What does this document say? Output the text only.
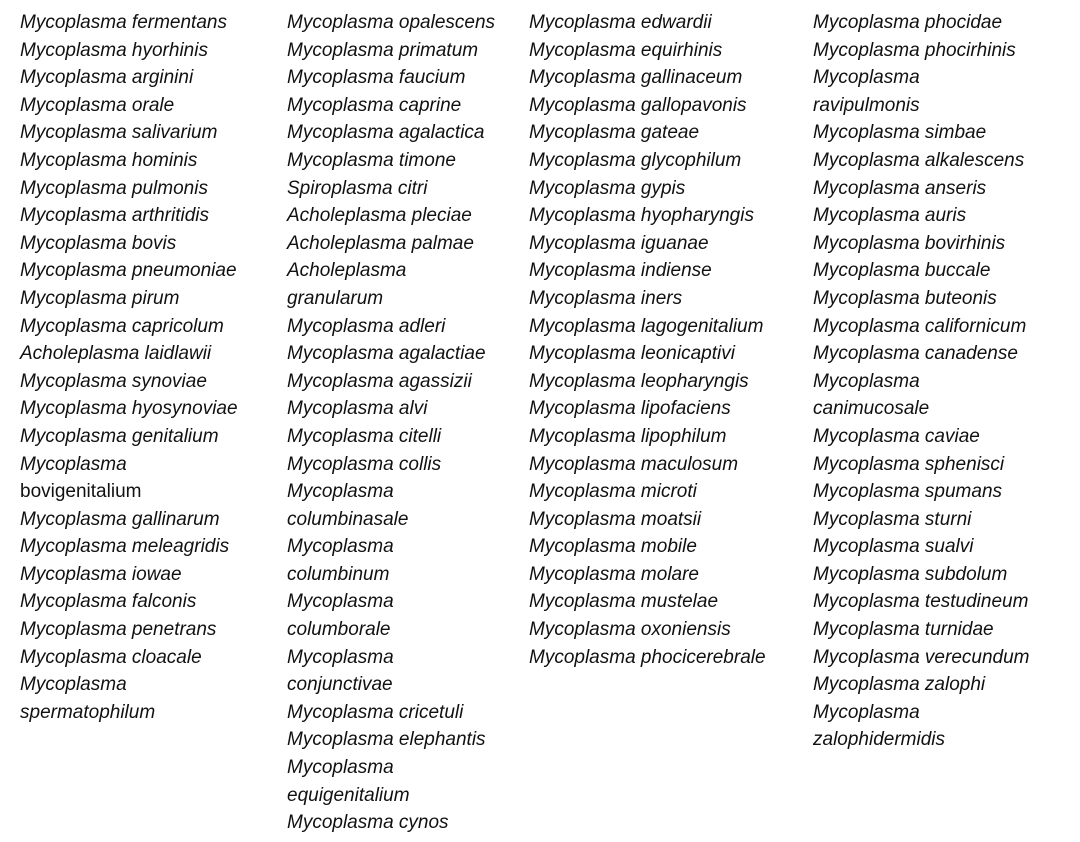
Mycoplasma fermentans
Mycoplasma hyorhinis
Mycoplasma arginini
Mycoplasma orale
Mycoplasma salivarium
Mycoplasma hominis
Mycoplasma pulmonis
Mycoplasma arthritidis
Mycoplasma bovis
Mycoplasma pneumoniae
Mycoplasma pirum
Mycoplasma capricolum
Acholeplasma laidlawii
Mycoplasma synoviae
Mycoplasma hyosynoviae
Mycoplasma genitalium
Mycoplasma
bovigenitalium
Mycoplasma gallinarum
Mycoplasma meleagridis
Mycoplasma iowae
Mycoplasma falconis
Mycoplasma penetrans
Mycoplasma cloacale
Mycoplasma
spermatophilum
Mycoplasma opalescens
Mycoplasma primatum
Mycoplasma faucium
Mycoplasma caprine
Mycoplasma agalactica
Mycoplasma timone
Spiroplasma citri
Acholeplasma pleciae
Acholeplasma palmae
Acholeplasma
granularum
Mycoplasma adleri
Mycoplasma agalactiae
Mycoplasma agassizii
Mycoplasma alvi
Mycoplasma citelli
Mycoplasma collis
Mycoplasma
columbinasale
Mycoplasma
columbinum
Mycoplasma
columborale
Mycoplasma
conjunctivae
Mycoplasma cricetuli
Mycoplasma elephantis
Mycoplasma
equigenitalium
Mycoplasma cynos
Mycoplasma edwardii
Mycoplasma equirhinis
Mycoplasma gallinaceum
Mycoplasma gallopavonis
Mycoplasma gateae
Mycoplasma glycophilum
Mycoplasma gypis
Mycoplasma hyopharyngis
Mycoplasma iguanae
Mycoplasma indiense
Mycoplasma iners
Mycoplasma lagogenitalium
Mycoplasma leonicaptivi
Mycoplasma leopharyngis
Mycoplasma lipofaciens
Mycoplasma lipophilum
Mycoplasma maculosum
Mycoplasma microti
Mycoplasma moatsii
Mycoplasma mobile
Mycoplasma molare
Mycoplasma mustelae
Mycoplasma oxoniensis
Mycoplasma phocicerebrale
Mycoplasma phocidae
Mycoplasma phocirhinis
Mycoplasma
ravipulmonis
Mycoplasma simbae
Mycoplasma alkalescens
Mycoplasma anseris
Mycoplasma auris
Mycoplasma bovirhinis
Mycoplasma buccale
Mycoplasma buteonis
Mycoplasma californicum
Mycoplasma canadense
Mycoplasma
canimucosale
Mycoplasma caviae
Mycoplasma sphenisci
Mycoplasma spumans
Mycoplasma sturni
Mycoplasma sualvi
Mycoplasma subdolum
Mycoplasma testudineum
Mycoplasma turnidae
Mycoplasma verecundum
Mycoplasma zalophi
Mycoplasma
zalophidermidis
